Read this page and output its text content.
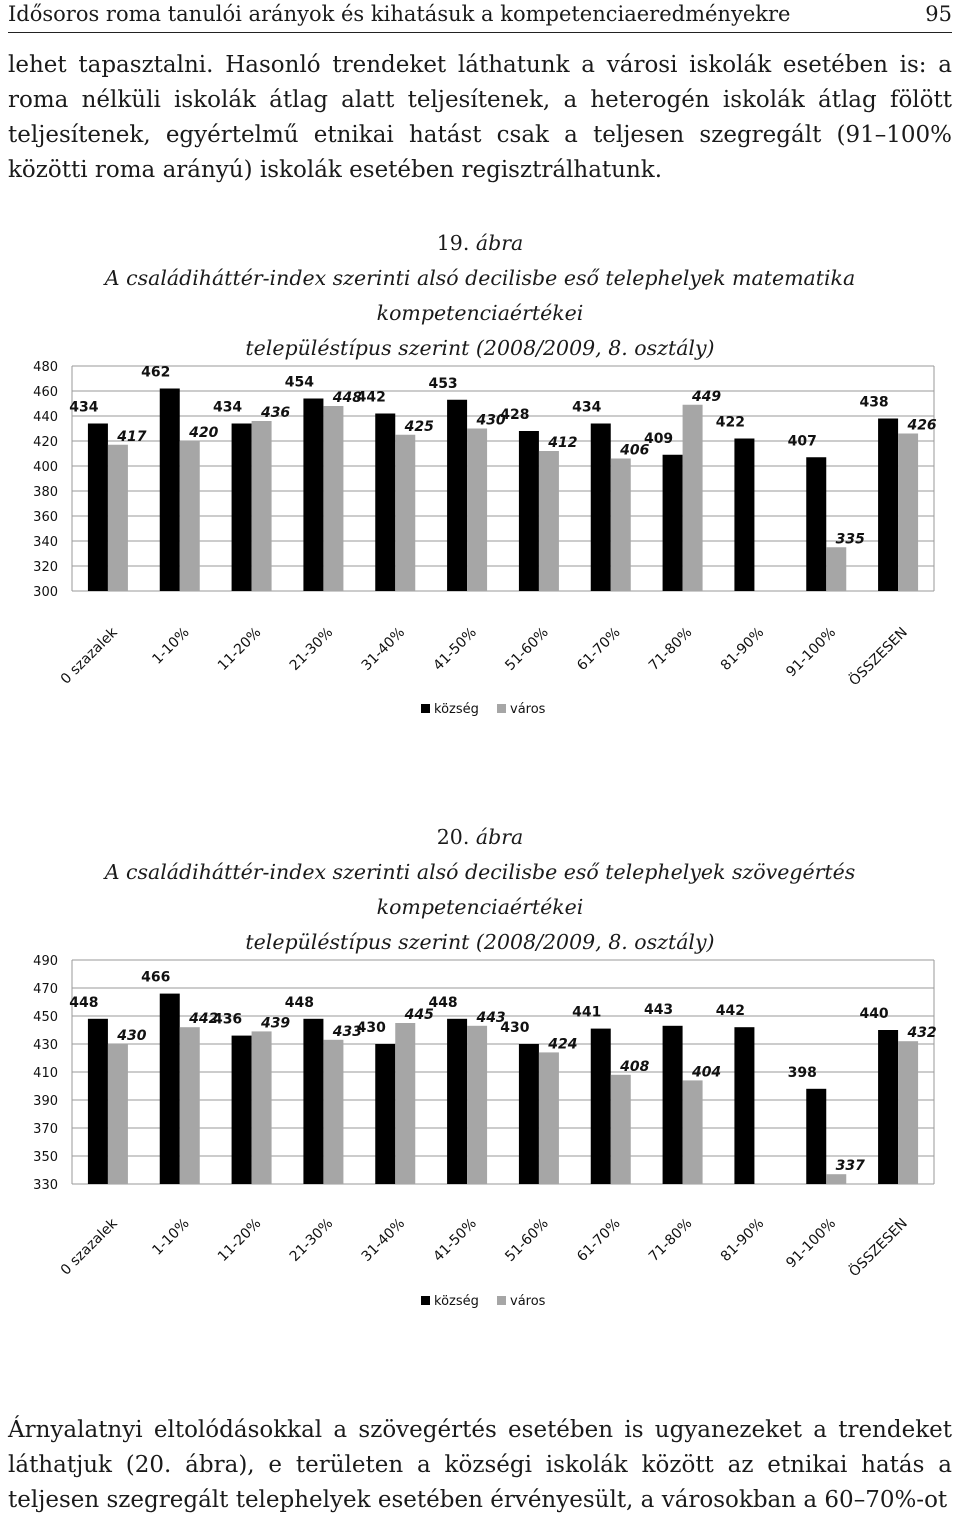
Idősoros roma tanulói arányok és kihatásuk a kompetenciaeredményekre	95

lehet tapasztalni. Hasonló trendeket láthatunk a városi iskolák esetében is: a roma nélküli iskolák átlag alatt teljesítenek, a heterogén iskolák átlag fölött teljesítenek, egyértelmű etnikai hatást csak a teljesen szegregált (91–100% közötti roma arányú) iskolák esetében regisztrálhatunk.

19. ábra
A családiháttér-index szerinti alsó decilisbe eső telephelyek matematika kompetenciaértékei
településtípus szerint (2008/2009, 8. osztály)
300
320
340
360
380
400
420
440
460
480
434
417
0 szazalek
462
420
1-10%
434 436
11-20%
454
448
21-30%
442
425
31-40%
453
430
41-50%
428
412
51-60%
434
406
61-70%
409
449
71-80%
422
81-90%
407
335
91-100%
438
426
ÖSSZESEN
község város
20. ábra
A családiháttér-index szerinti alsó decilisbe eső telephelyek szövegértés kompetenciaértékei
településtípus szerint (2008/2009, 8. osztály)
330
350
370
390
410
430
450
470
490
448
430
0 szazalek
466
442
1-10%
436 439
11-20%
448
433
21-30%
430
445
31-40%
448
443
41-50%
430
424
51-60%
441
408
61-70%
443
404
71-80%
442
81-90%
398
337
91-100%
440
432
ÖSSZESEN
község város

Árnyalatnyi eltolódásokkal a szövegértés esetében is ugyanezeket a trendeket láthatjuk (20. ábra), e területen a községi iskolák között az etnikai hatás a teljesen szegregált telephelyek esetében érvényesült, a városokban a 60–70%-ot
